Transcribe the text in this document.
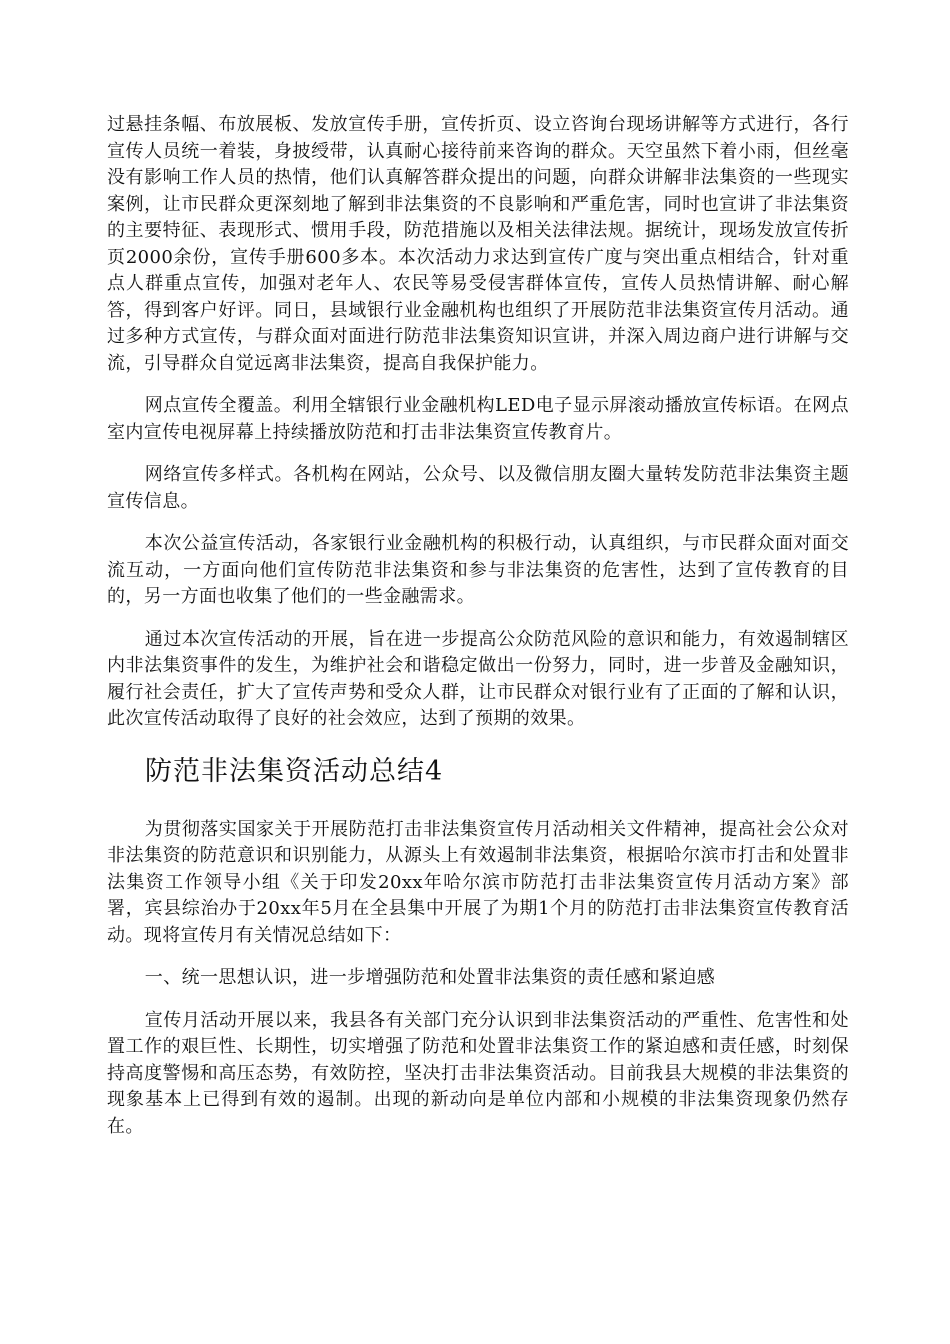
过悬挂条幅、布放展板、发放宣传手册，宣传折页、设立咨询台现场讲解等方式进行，各行宣传人员统一着装，身披绶带，认真耐心接待前来咨询的群众。天空虽然下着小雨，但丝毫没有影响工作人员的热情，他们认真解答群众提出的问题，向群众讲解非法集资的一些现实案例，让市民群众更深刻地了解到非法集资的不良影响和严重危害，同时也宣讲了非法集资的主要特征、表现形式、惯用手段，防范措施以及相关法律法规。据统计，现场发放宣传折页2000余份，宣传手册600多本。本次活动力求达到宣传广度与突出重点相结合，针对重点人群重点宣传，加强对老年人、农民等易受侵害群体宣传，宣传人员热情讲解、耐心解答，得到客户好评。同日，县域银行业金融机构也组织了开展防范非法集资宣传月活动。通过多种方式宣传，与群众面对面进行防范非法集资知识宣讲，并深入周边商户进行讲解与交流，引导群众自觉远离非法集资，提高自我保护能力。

网点宣传全覆盖。利用全辖银行业金融机构LED电子显示屏滚动播放宣传标语。在网点室内宣传电视屏幕上持续播放防范和打击非法集资宣传教育片。

网络宣传多样式。各机构在网站，公众号、以及微信朋友圈大量转发防范非法集资主题宣传信息。

本次公益宣传活动，各家银行业金融机构的积极行动，认真组织，与市民群众面对面交流互动，一方面向他们宣传防范非法集资和参与非法集资的危害性，达到了宣传教育的目的，另一方面也收集了他们的一些金融需求。

通过本次宣传活动的开展，旨在进一步提高公众防范风险的意识和能力，有效遏制辖区内非法集资事件的发生，为维护社会和谐稳定做出一份努力，同时，进一步普及金融知识，履行社会责任，扩大了宣传声势和受众人群，让市民群众对银行业有了正面的了解和认识，此次宣传活动取得了良好的社会效应，达到了预期的效果。

防范非法集资活动总结4

为贯彻落实国家关于开展防范打击非法集资宣传月活动相关文件精神，提高社会公众对非法集资的防范意识和识别能力，从源头上有效遏制非法集资，根据哈尔滨市打击和处置非法集资工作领导小组《关于印发20xx年哈尔滨市防范打击非法集资宣传月活动方案》部署，宾县综治办于20xx年5月在全县集中开展了为期1个月的防范打击非法集资宣传教育活动。现将宣传月有关情况总结如下：

一、统一思想认识，进一步增强防范和处置非法集资的责任感和紧迫感

宣传月活动开展以来，我县各有关部门充分认识到非法集资活动的严重性、危害性和处置工作的艰巨性、长期性，切实增强了防范和处置非法集资工作的紧迫感和责任感，时刻保持高度警惕和高压态势，有效防控，坚决打击非法集资活动。目前我县大规模的非法集资的现象基本上已得到有效的遏制。出现的新动向是单位内部和小规模的非法集资现象仍然存在。
